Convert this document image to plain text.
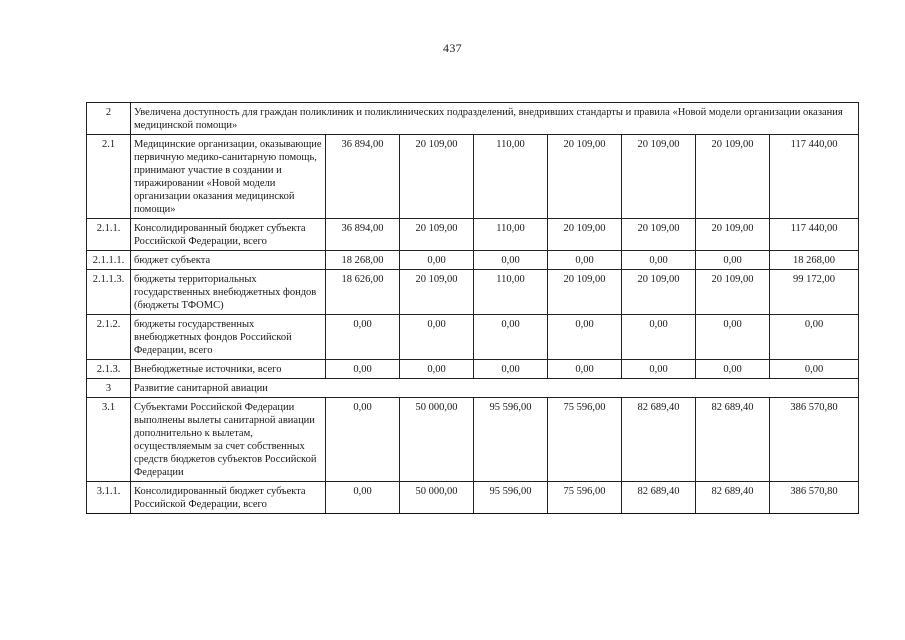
437
2	Увеличена доступность для граждан поликлиник и поликлинических подразделений, внедривших стандарты и правила «Новой модели организации оказания медицинской помощи»							
2.1	Медицинские организации, оказывающие первичную медико-санитарную помощь, принимают участие в создании и тиражировании «Новой модели организации оказания медицинской помощи»	36 894,00	20 109,00	110,00	20 109,00	20 109,00	20 109,00	117 440,00
2.1.1.	Консолидированный бюджет субъекта Российской Федерации, всего	36 894,00	20 109,00	110,00	20 109,00	20 109,00	20 109,00	117 440,00
2.1.1.1.	бюджет субъекта	18 268,00	0,00	0,00	0,00	0,00	0,00	18 268,00
2.1.1.3.	бюджеты территориальных государственных внебюджетных фондов (бюджеты ТФОМС)	18 626,00	20 109,00	110,00	20 109,00	20 109,00	20 109,00	99 172,00
2.1.2.	бюджеты государственных внебюджетных фондов Российской Федерации, всего	0,00	0,00	0,00	0,00	0,00	0,00	0,00
2.1.3.	Внебюджетные источники, всего	0,00	0,00	0,00	0,00	0,00	0,00	0,00
3	Развитие санитарной авиации							
3.1	Субъектами Российской Федерации выполнены вылеты санитарной авиации дополнительно к вылетам, осуществляемым за счет собственных средств бюджетов субъектов Российской Федерации	0,00	50 000,00	95 596,00	75 596,00	82 689,40	82 689,40	386 570,80
3.1.1.	Консолидированный бюджет субъекта Российской Федерации, всего	0,00	50 000,00	95 596,00	75 596,00	82 689,40	82 689,40	386 570,80
